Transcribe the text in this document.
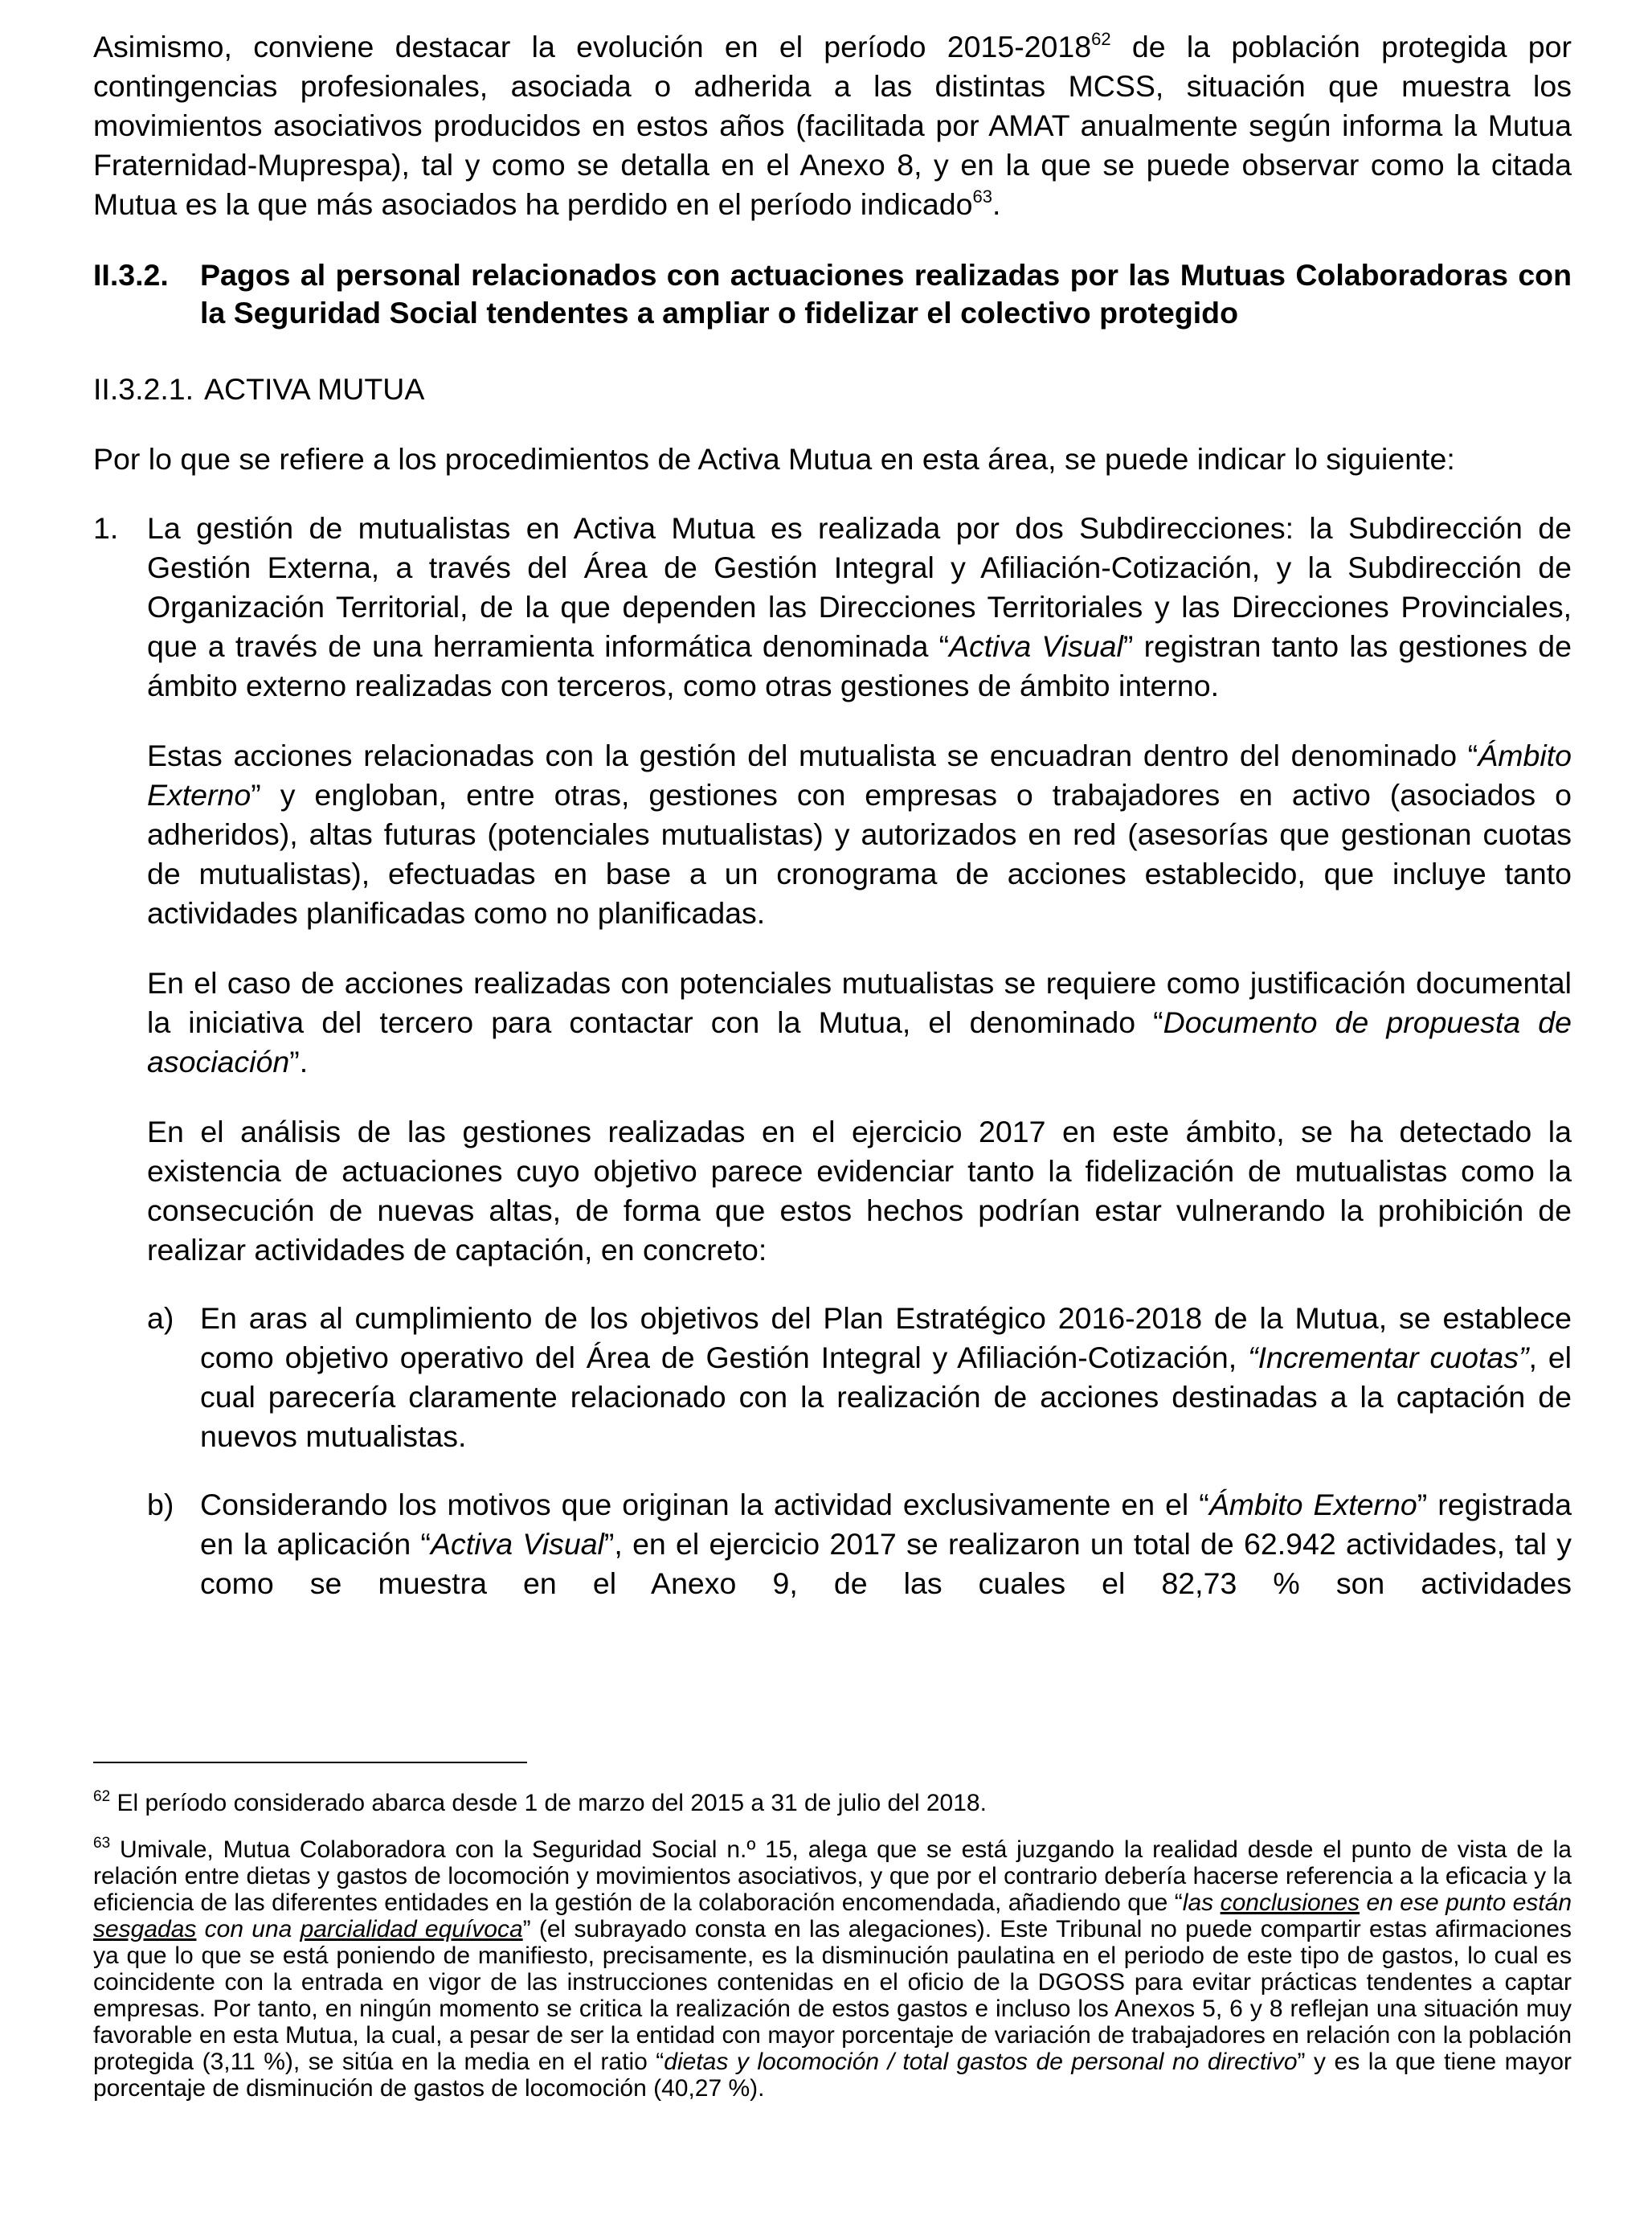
Asimismo, conviene destacar la evolución en el período 2015-2018$^{62}$ de la población protegida por contingencias profesionales, asociada o adherida a las distintas MCSS, situación que muestra los movimientos asociativos producidos en estos años (facilitada por AMAT anualmente según informa la Mutua Fraternidad-Muprespa), tal y como se detalla en el Anexo 8, y en la que se puede observar como la citada Mutua es la que más asociados ha perdido en el período indicado$^{63}$.

II.3.2.	Pagos al personal relacionados con actuaciones realizadas por las Mutuas Colaboradoras con la Seguridad Social tendentes a ampliar o fidelizar el colectivo protegido
II.3.2.1. ACTIVA MUTUA

Por lo que se refiere a los procedimientos de Activa Mutua en esta área, se puede indicar lo siguiente:

1. La gestión de mutualistas en Activa Mutua es realizada por dos Subdirecciones: la Subdirección de Gestión Externa, a través del Área de Gestión Integral y Afiliación-Cotización, y la Subdirección de Organización Territorial, de la que dependen las Direcciones Territoriales y las Direcciones Provinciales, que a través de una herramienta informática denominada “Activa Visual” registran tanto las gestiones de ámbito externo realizadas con terceros, como otras gestiones de ámbito interno.

Estas acciones relacionadas con la gestión del mutualista se encuadran dentro del denominado “Ámbito Externo” y engloban, entre otras, gestiones con empresas o trabajadores en activo (asociados o adheridos), altas futuras (potenciales mutualistas) y autorizados en red (asesorías que gestionan cuotas de mutualistas), efectuadas en base a un cronograma de acciones establecido, que incluye tanto actividades planificadas como no planificadas.

En el caso de acciones realizadas con potenciales mutualistas se requiere como justificación documental la iniciativa del tercero para contactar con la Mutua, el denominado “Documento de propuesta de asociación”.

En el análisis de las gestiones realizadas en el ejercicio 2017 en este ámbito, se ha detectado la existencia de actuaciones cuyo objetivo parece evidenciar tanto la fidelización de mutualistas como la consecución de nuevas altas, de forma que estos hechos podrían estar vulnerando la prohibición de realizar actividades de captación, en concreto:

a) En aras al cumplimiento de los objetivos del Plan Estratégico 2016-2018 de la Mutua, se establece como objetivo operativo del Área de Gestión Integral y Afiliación-Cotización, “Incrementar cuotas”, el cual parecería claramente relacionado con la realización de acciones destinadas a la captación de nuevos mutualistas.

b) Considerando los motivos que originan la actividad exclusivamente en el “Ámbito Externo” registrada en la aplicación “Activa Visual”, en el ejercicio 2017 se realizaron un total de 62.942 actividades, tal y como se muestra en el Anexo 9, de las cuales el 82,73 % son actividades

$^{62}$ El período considerado abarca desde 1 de marzo del 2015 a 31 de julio del 2018.

$^{63}$ Umivale, Mutua Colaboradora con la Seguridad Social n.º 15, alega que se está juzgando la realidad desde el punto de vista de la relación entre dietas y gastos de locomoción y movimientos asociativos, y que por el contrario debería hacerse referencia a la eficacia y la eficiencia de las diferentes entidades en la gestión de la colaboración encomendada, añadiendo que “las conclusiones en ese punto están sesgadas con una parcialidad equívoca” (el subrayado consta en las alegaciones). Este Tribunal no puede compartir estas afirmaciones ya que lo que se está poniendo de manifiesto, precisamente, es la disminución paulatina en el periodo de este tipo de gastos, lo cual es coincidente con la entrada en vigor de las instrucciones contenidas en el oficio de la DGOSS para evitar prácticas tendentes a captar empresas. Por tanto, en ningún momento se critica la realización de estos gastos e incluso los Anexos 5, 6 y 8 reflejan una situación muy favorable en esta Mutua, la cual, a pesar de ser la entidad con mayor porcentaje de variación de trabajadores en relación con la población protegida (3,11 %), se sitúa en la media en el ratio “dietas y locomoción / total gastos de personal no directivo” y es la que tiene mayor porcentaje de disminución de gastos de locomoción (40,27 %).
